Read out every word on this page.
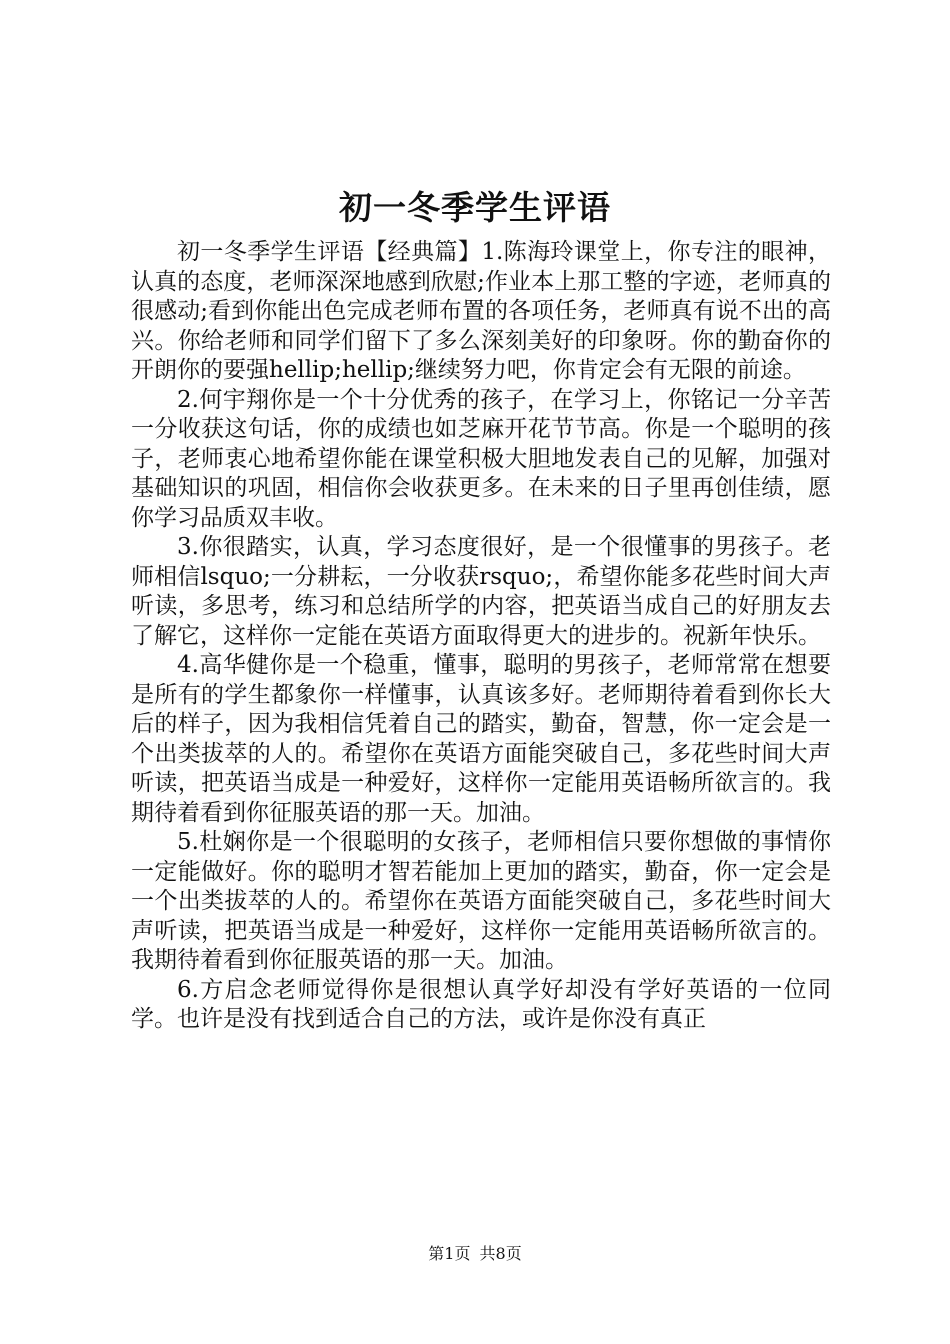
初一冬季学生评语

初一冬季学生评语【经典篇】1.陈海玲课堂上，你专注的眼神，认真的态度，老师深深地感到欣慰;作业本上那工整的字迹，老师真的很感动;看到你能出色完成老师布置的各项任务，老师真有说不出的高兴。你给老师和同学们留下了多么深刻美好的印象呀。你的勤奋你的开朗你的要强hellip;hellip;继续努力吧，你肯定会有无限的前途。

2.何宇翔你是一个十分优秀的孩子，在学习上，你铭记一分辛苦一分收获这句话，你的成绩也如芝麻开花节节高。你是一个聪明的孩子，老师衷心地希望你能在课堂积极大胆地发表自己的见解，加强对基础知识的巩固，相信你会收获更多。在未来的日子里再创佳绩，愿你学习品质双丰收。

3.你很踏实，认真，学习态度很好，是一个很懂事的男孩子。老师相信lsquo;一分耕耘，一分收获rsquo;，希望你能多花些时间大声听读，多思考，练习和总结所学的内容，把英语当成自己的好朋友去了解它，这样你一定能在英语方面取得更大的进步的。祝新年快乐。

4.高华健你是一个稳重，懂事，聪明的男孩子，老师常常在想要是所有的学生都象你一样懂事，认真该多好。老师期待着看到你长大后的样子，因为我相信凭着自己的踏实，勤奋，智慧，你一定会是一个出类拔萃的人的。希望你在英语方面能突破自己，多花些时间大声听读，把英语当成是一种爱好，这样你一定能用英语畅所欲言的。我期待着看到你征服英语的那一天。加油。

5.杜娴你是一个很聪明的女孩子，老师相信只要你想做的事情你一定能做好。你的聪明才智若能加上更加的踏实，勤奋，你一定会是一个出类拔萃的人的。希望你在英语方面能突破自己，多花些时间大声听读，把英语当成是一种爱好，这样你一定能用英语畅所欲言的。我期待着看到你征服英语的那一天。加油。

6.方启念老师觉得你是很想认真学好却没有学好英语的一位同学。也许是没有找到适合自己的方法，或许是你没有真正

第1页 共8页
